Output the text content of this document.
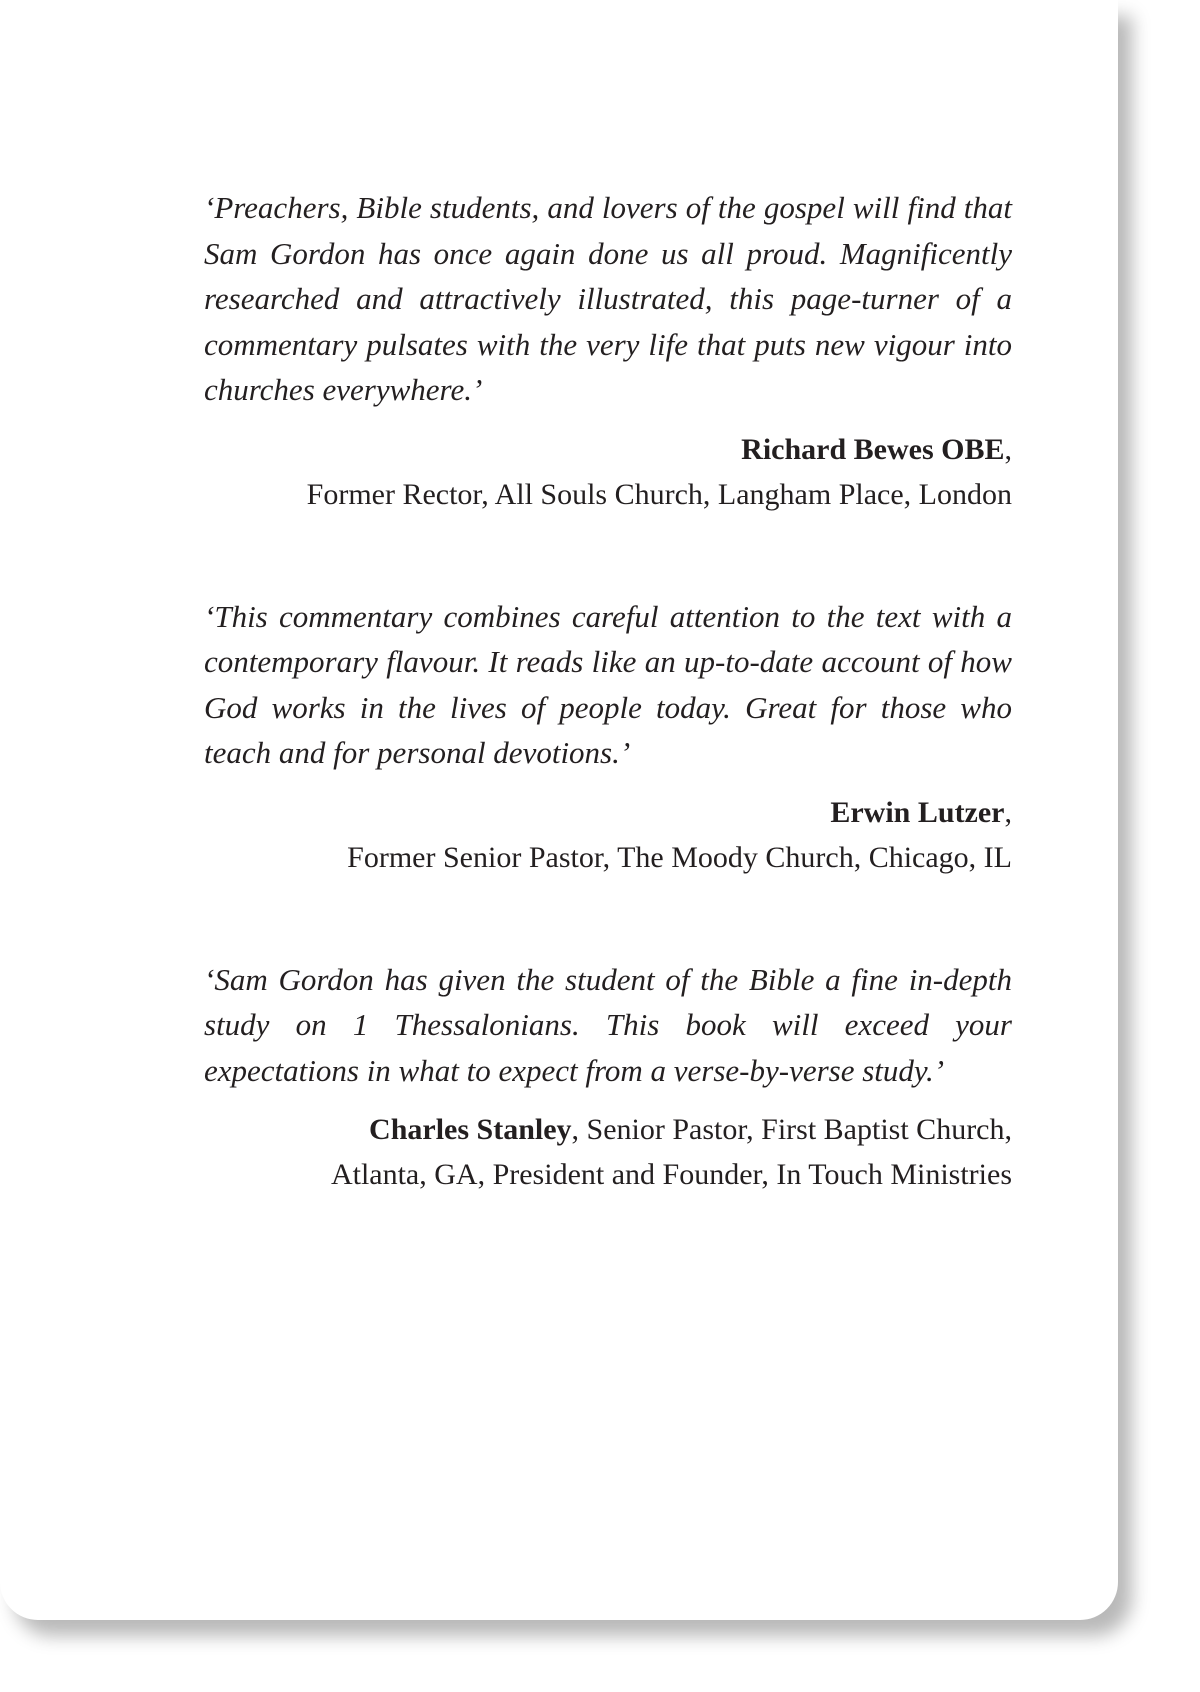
‘Preachers, Bible students, and lovers of the gospel will find that Sam Gordon has once again done us all proud. Magnificently researched and attractively illustrated, this page-turner of a commentary pulsates with the very life that puts new vigour into churches everywhere.’

Richard Bewes OBE,

Former Rector, All Souls Church, Langham Place, London

‘This commentary combines careful attention to the text with a contemporary flavour. It reads like an up-to-date account of how God works in the lives of people today. Great for those who teach and for personal devotions.’

Erwin Lutzer,

Former Senior Pastor, The Moody Church, Chicago, IL

‘Sam Gordon has given the student of the Bible a fine in-depth study on 1 Thessalonians. This book will exceed your expectations in what to expect from a verse-by-verse study.’

Charles Stanley, Senior Pastor, First Baptist Church,

Atlanta, GA, President and Founder, In Touch Ministries
